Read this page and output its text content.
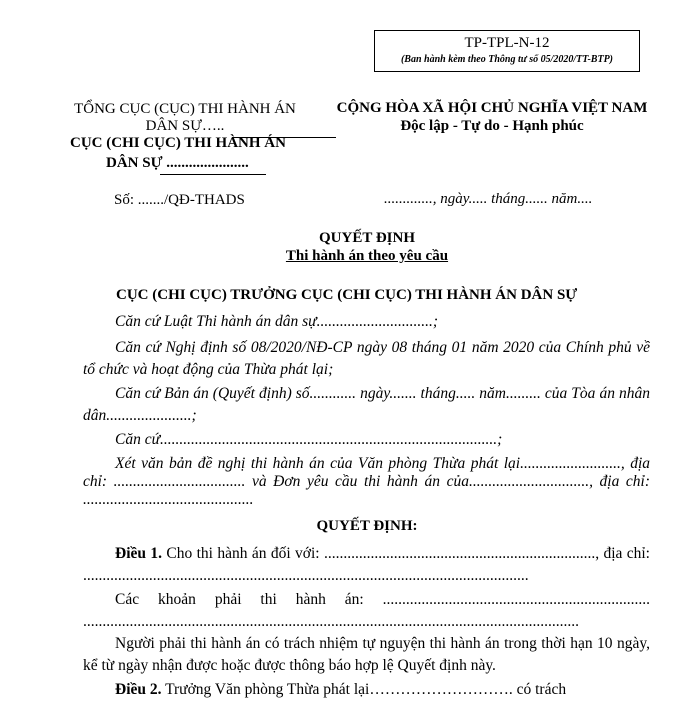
TP-TPL-N-12
(Ban hành kèm theo Thông tư số 05/2020/TT-BTP)
TỔNG CỤC (CỤC) THI HÀNH ÁN
DÂN SỰ…..
CỤC (CHI CỤC) THI HÀNH ÁN
DÂN SỰ ......................
CỘNG HÒA XÃ HỘI CHỦ NGHĨA VIỆT NAM
Độc lập - Tự do - Hạnh phúc
Số: ......./QĐ-THADS	............., ngày..... tháng...... năm....
QUYẾT ĐỊNH
Thi hành án theo yêu cầu
CỤC (CHI CỤC) TRƯỞNG CỤC (CHI CỤC) THI HÀNH ÁN DÂN SỰ
Căn cứ Luật Thi hành án dân sự..............................;
Căn cứ Nghị định số 08/2020/NĐ-CP ngày 08 tháng 01 năm 2020 của Chính phủ về tổ chức và hoạt động của Thừa phát lại;
Căn cứ Bản án (Quyết định) số............ ngày....... tháng..... năm......... của Tòa án nhân dân......................;
Căn cứ.......................................................................................;
Xét văn bản đề nghị thi hành án của Văn phòng Thừa phát lại.........................., địa chỉ: .................................. và Đơn yêu cầu thi hành án của..............................., địa chỉ: ............................................
QUYẾT ĐỊNH:
Điều 1. Cho thi hành án đối với: ......................................................................, địa chỉ: ...................................................................................................................
Các khoản phải thi hành án: ..................................................................... ................................................................................................................................
Người phải thi hành án có trách nhiệm tự nguyện thi hành án trong thời hạn 10 ngày, kể từ ngày nhận được hoặc được thông báo hợp lệ Quyết định này.
Điều 2. Trưởng Văn phòng Thừa phát lại………………………. có trách
